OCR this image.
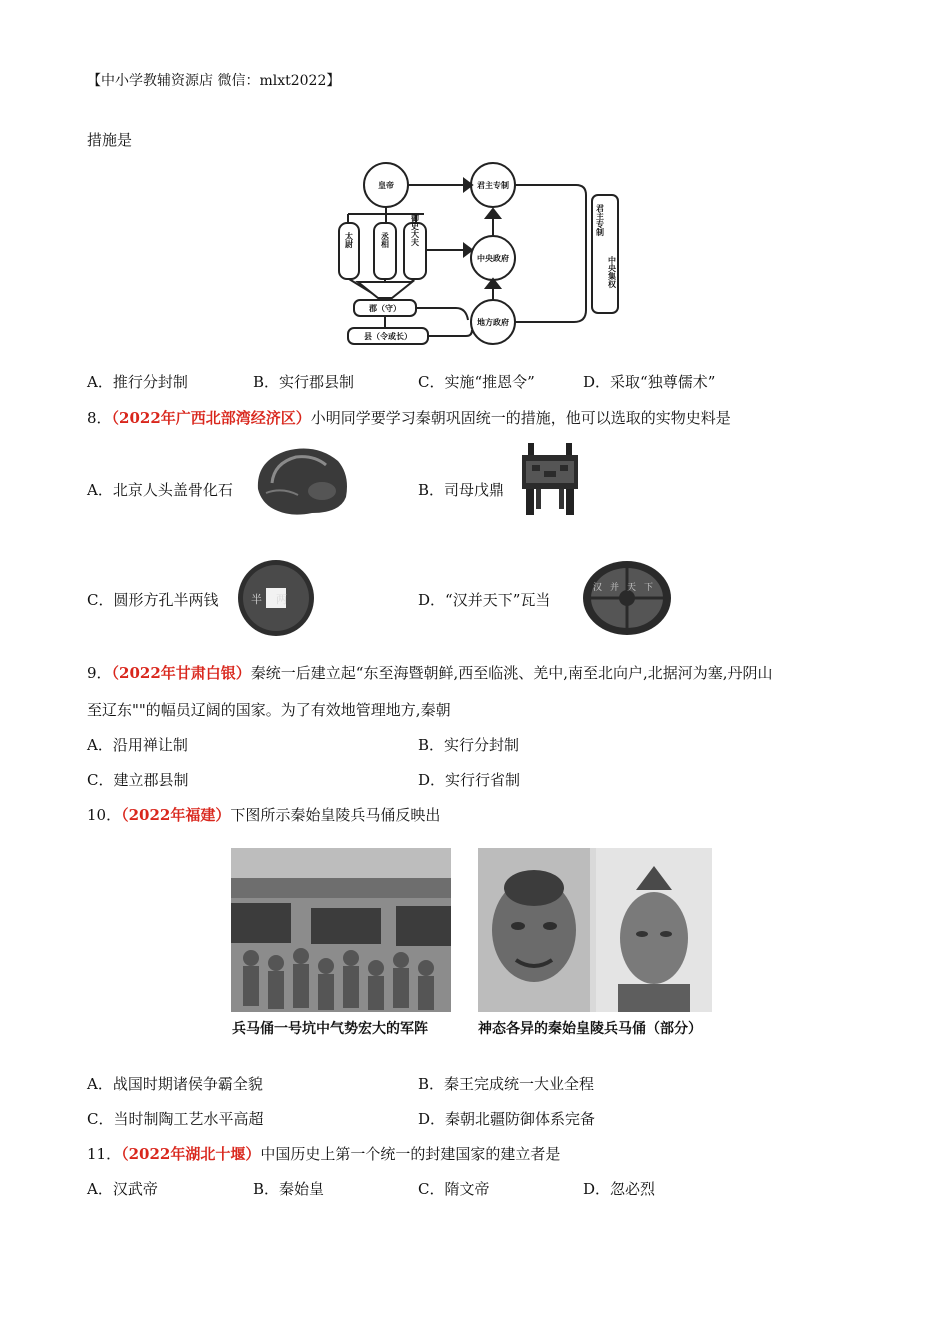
【中小学教辅资源店 微信：mlxt2022】
措施是
皇帝	君主专制
中央政府
地方政府
郡（守）
县（令或长）
太尉	丞相	御史大夫	君主专制
中央集权
A．推行分封制	B．实行郡县制	C．实施“推恩令”	D．采取“独尊儒术”
8．（2022年广西北部湾经济区）小明同学要学习秦朝巩固统一的措施，他可以选取的实物史料是
A．北京人头盖骨化石	B．司母戊鼎
C．圆形方孔半两钱	半两	D．“汉并天下”瓦当
汉并天下
9．（2022年甘肃白银）秦统一后建立起“东至海暨朝鲜,西至临洮、羌中,南至北向户,北据河为塞,丹阴山
至辽东""的幅员辽阔的国家。为了有效地管理地方,秦朝
A．沿用禅让制	B．实行分封制
C．建立郡县制	D．实行行省制
10．（2022年福建）下图所示秦始皇陵兵马俑反映出
兵马俑一号坑中气势宏大的军阵	神态各异的秦始皇陵兵马俑（部分）
A．战国时期诸侯争霸全貌	B．秦王完成统一大业全程
C．当时制陶工艺水平高超	D．秦朝北疆防御体系完备
11．（2022年湖北十堰）中国历史上第一个统一的封建国家的建立者是
A．汉武帝	B．秦始皇	C．隋文帝	D．忽必烈
